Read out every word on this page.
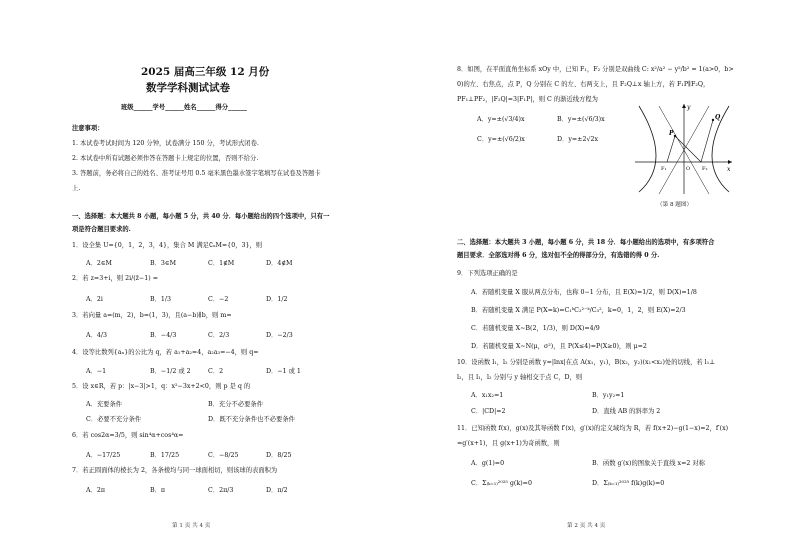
2025 届高三年级 12 月份
数学学科测试试卷
班级______学号______姓名______得分______
注意事项：
1. 本试卷考试时间为 120 分钟，试卷满分 150 分，考试形式闭卷.
2. 本试卷中所有试题必须作答在答题卡上规定的位置，否则不给分.
3. 答题前，务必将自己的姓名、准考证号用 0.5 毫米黑色墨水签字笔填写在试卷及答题卡
上.
一、选择题：本大题共 8 小题，每小题 5 分，共 40 分．每小题给出的四个选项中，只有一
项是符合题目要求的.
1．设全集 U={0，1，2，3，4}，集合 M 满足∁ᵤM={0，3}，则
A．2∈M	B．3∈M	C．1∉M	D．4∉M
2．若 z=3+i，则 2i/(z̄−1) =
A．2i	B．1/3	C．−2	D．1/2
3．若向量 a=(m，2)，b=(1，3)，且(a−b)∥b，则 m=
A．4/3	B．−4/3	C．2/3	D．−2/3
4．设等比数列{aₙ}的公比为 q，若 a₁+a₂=4，a₂a₃=−4，则 q=
A．−1	B．−1/2 或 2	C．2	D．−1 或 1
5．设 x∈R，若 p：|x−3|>1，q：x²−3x+2<0，则 p 是 q 的
A．充要条件	B．充分不必要条件
C．必要不充分条件	D．既不充分条件也不必要条件
6．若 cos2α=3/5，则 sin⁴α+cos⁴α=
A．−17/25	B．17/25	C．−8/25	D．8/25
7．若正圆面体的棱长为 2，各条棱均与同一球面相切，则该球的表面积为
A．2π	B．π	C．2π/3	D．π/2
第 1 页 共 4 页
8．如图，在平面直角坐标系 xOy 中，已知 F₁，F₂ 分别是双曲线 C: x²/a² − y²/b² = 1(a>0，b>
0)的左、右焦点，点 P，Q 分别在 C 的左、右两支上，且 F₂Q⊥x 轴上方，若 F₁P∥F₂Q，
PF₁⊥PF₂，|F₂Q|=3|F₁P|，则 C 的渐近线方程为
A．y=±(√3/4)x	B．y=±(√6/3)x
C．y=±(√6/2)x	D．y=±2√2x
y
x
P
Q
F₁	O F₂
（第 8 题图）
二、选择题：本大题共 3 小题，每小题 6 分，共 18 分．每小题给出的选项中，有多项符合
题目要求．全部选对得 6 分，选对但不全的得部分分，有选错的得 0 分.
9．下列选项正确的是
A．若随机变量 X 服从两点分布，也称 0−1 分布，且 E(X)=1/2，则 D(X)=1/8
B．若随机变量 X 满足 P(X=k)=C₁ᵏC₂²⁻ᵏ/C₃²，k=0，1，2，则 E(X)=2/3
C．若随机变量 X∼B(2，1/3)，则 D(X)=4/9
D．若随机变量 X∼N(μ，σ²)，且 P(X≤4)=P(X≥0)，则 μ=2
10．设函数 l₁，l₂ 分别是函数 y=|lnx|在点 A(x₁，y₁)，B(x₂，y₂)(x₁<x₂)处的切线，若 l₁⊥
l₂，且 l₁，l₂ 分别与 y 轴相交于点 C，D，则
A．x₁x₂=1	B．y₁y₂=1
C．|CD|=2	D．直线 AB 的斜率为 2
11．已知函数 f(x)，g(x)及其导函数 f′(x)，g′(x)的定义域均为 R，若 f(x+2)−g(1−x)=2，f′(x)
=g′(x+1)，且 g(x+1)为奇函数，则
A．g(1)=0	B．函数 g′(x)的图象关于直线 x=2 对称
C．Σ₍ₖ₌₁₎²⁰²⁵ g(k)=0	D．Σ₍ₖ₌₁₎²⁰²⁵ f(k)g(k)=0
第 2 页 共 4 页
